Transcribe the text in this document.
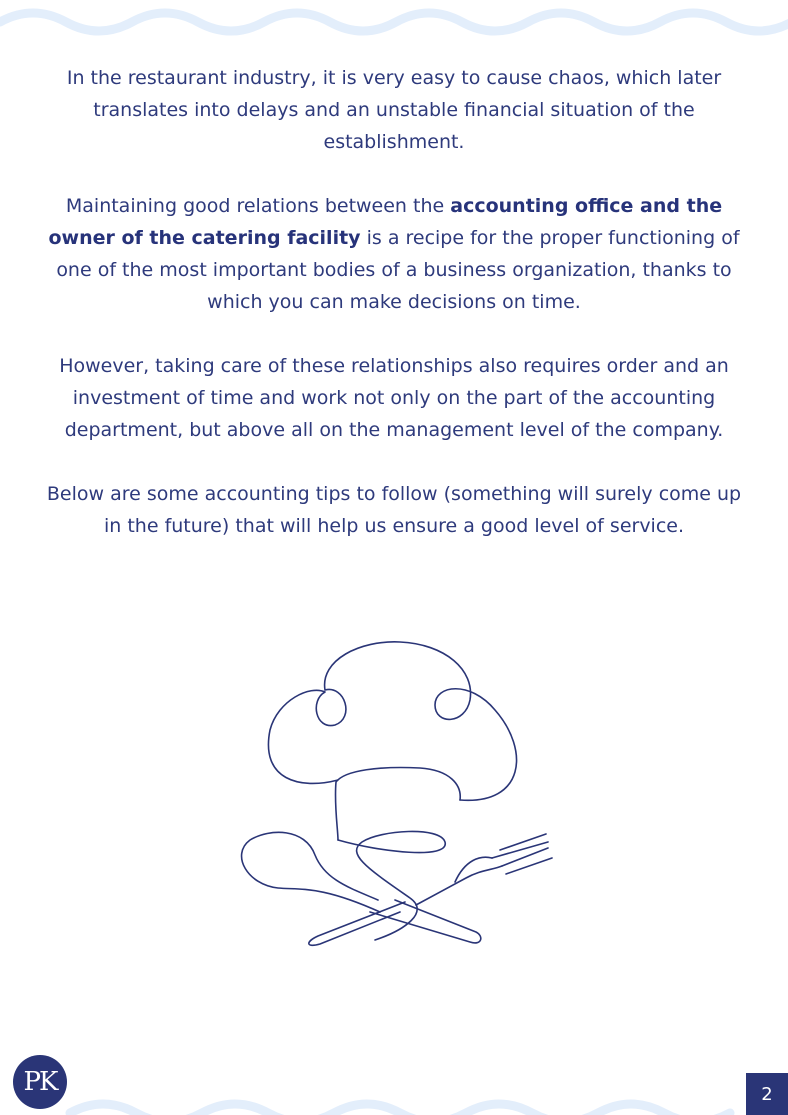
In the restaurant industry, it is very easy to cause chaos, which later translates into delays and an unstable financial situation of the establishment.

Maintaining good relations between the accounting office and the owner of the catering facility is a recipe for the proper functioning of one of the most important bodies of a business organization, thanks to which you can make decisions on time.

However, taking care of these relationships also requires order and an investment of time and work not only on the part of the accounting department, but above all on the management level of the company.

Below are some accounting tips to follow (something will surely come up in the future) that will help us ensure a good level of service.

PK	2
